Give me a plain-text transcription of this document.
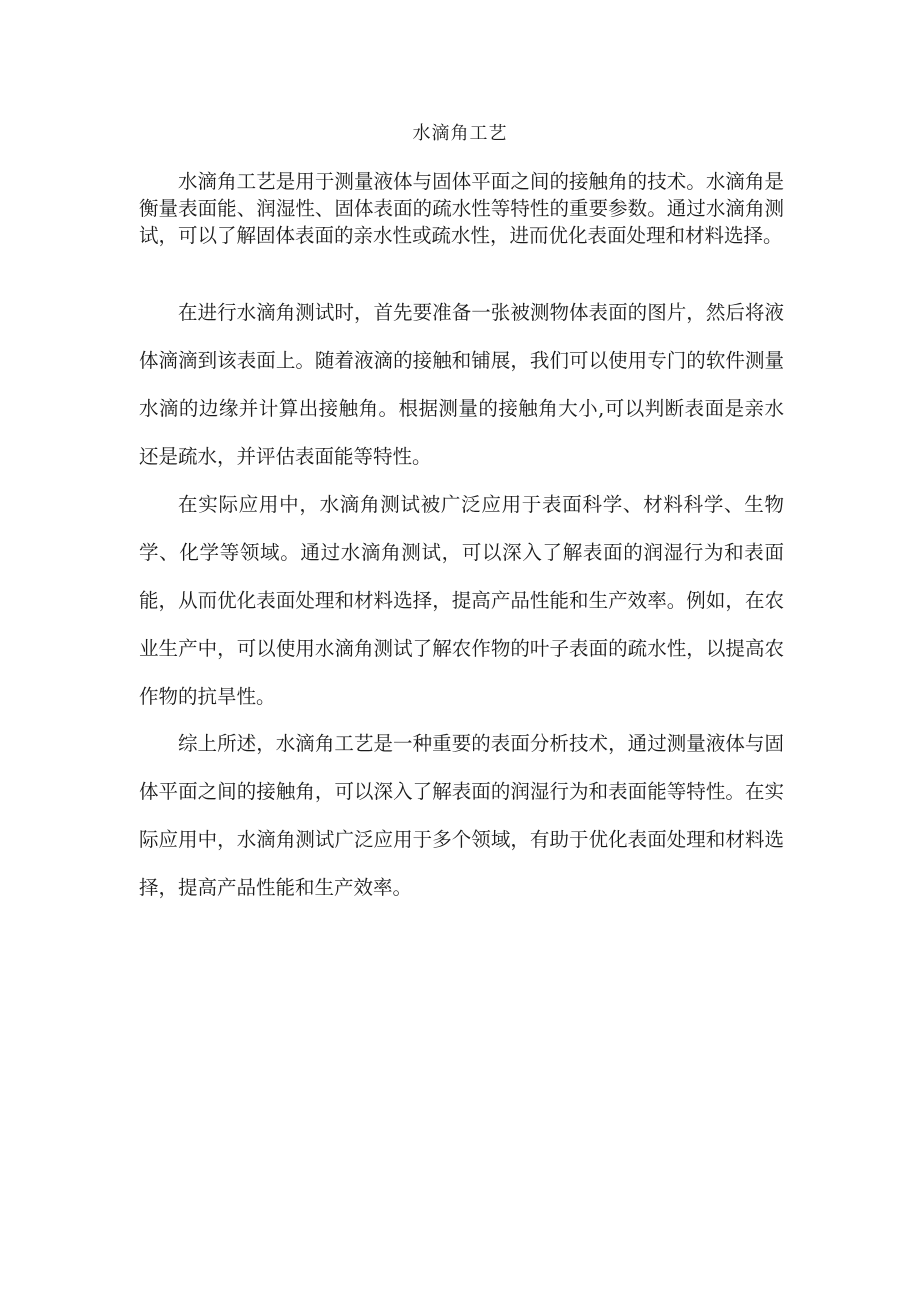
水滴角工艺

水滴角工艺是用于测量液体与固体平面之间的接触角的技术。水滴角是衡量表面能、润湿性、固体表面的疏水性等特性的重要参数。通过水滴角测试，可以了解固体表面的亲水性或疏水性，进而优化表面处理和材料选择。

在进行水滴角测试时，首先要准备一张被测物体表面的图片，然后将液体滴滴到该表面上。随着液滴的接触和铺展，我们可以使用专门的软件测量水滴的边缘并计算出接触角。根据测量的接触角大小,可以判断表面是亲水还是疏水，并评估表面能等特性。

在实际应用中，水滴角测试被广泛应用于表面科学、材料科学、生物学、化学等领域。通过水滴角测试，可以深入了解表面的润湿行为和表面能，从而优化表面处理和材料选择，提高产品性能和生产效率。例如，在农业生产中，可以使用水滴角测试了解农作物的叶子表面的疏水性，以提高农作物的抗旱性。

综上所述，水滴角工艺是一种重要的表面分析技术，通过测量液体与固体平面之间的接触角，可以深入了解表面的润湿行为和表面能等特性。在实际应用中，水滴角测试广泛应用于多个领域，有助于优化表面处理和材料选择，提高产品性能和生产效率。
